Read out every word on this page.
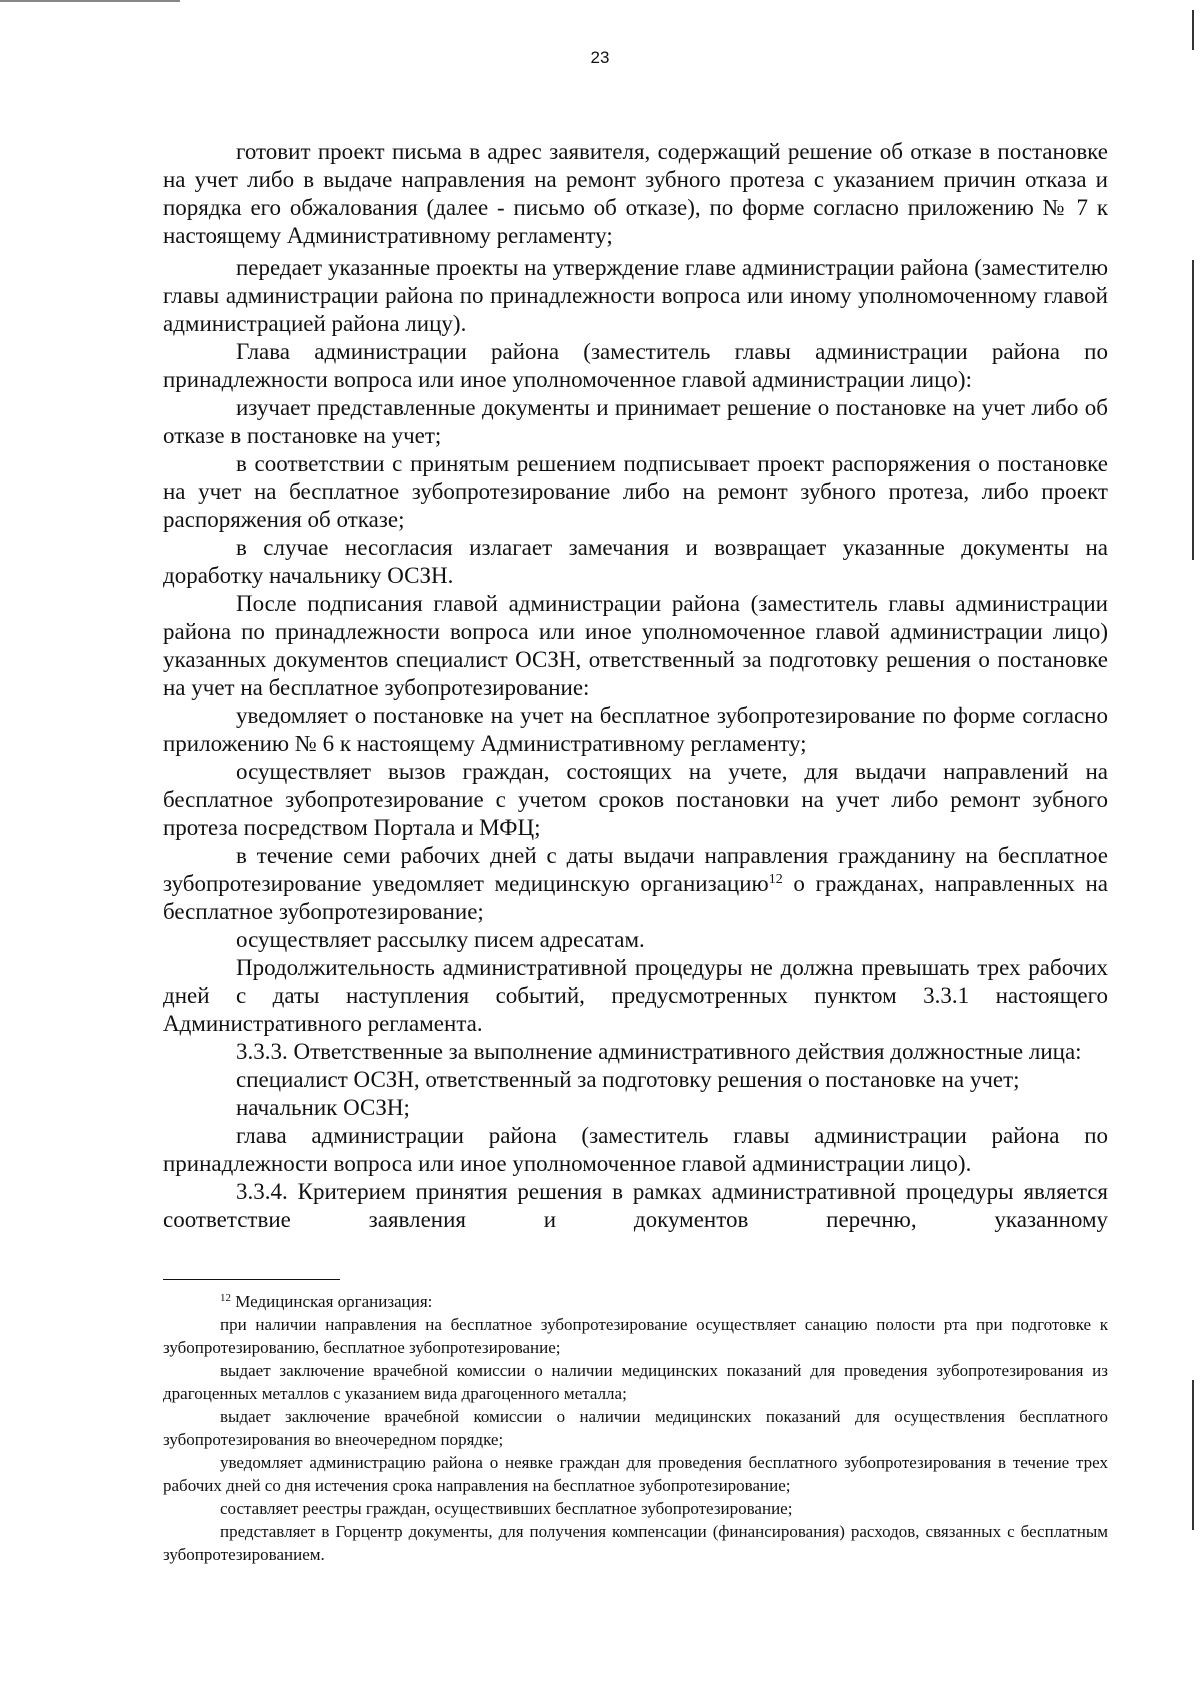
23

готовит проект письма в адрес заявителя, содержащий решение об отказе в постановке на учет либо в выдаче направления на ремонт зубного протеза с указанием причин отказа и порядка его обжалования (далее - письмо об отказе), по форме согласно приложению № 7 к настоящему Административному регламенту;

передает указанные проекты на утверждение главе администрации района (заместителю главы администрации района по принадлежности вопроса или иному уполномоченному главой администрацией района лицу).

Глава администрации района (заместитель главы администрации района по принадлежности вопроса или иное уполномоченное главой администрации лицо):

изучает представленные документы и принимает решение о постановке на учет либо об отказе в постановке на учет;

в соответствии с принятым решением подписывает проект распоряжения о постановке на учет на бесплатное зубопротезирование либо на ремонт зубного протеза, либо проект распоряжения об отказе;

в случае несогласия излагает замечания и возвращает указанные документы на доработку начальнику ОСЗН.

После подписания главой администрации района (заместитель главы администрации района по принадлежности вопроса или иное уполномоченное главой администрации лицо) указанных документов специалист ОСЗН, ответственный за подготовку решения о постановке на учет на бесплатное зубопротезирование:

уведомляет о постановке на учет на бесплатное зубопротезирование по форме согласно приложению № 6 к настоящему Административному регламенту;

осуществляет вызов граждан, состоящих на учете, для выдачи направлений на бесплатное зубопротезирование с учетом сроков постановки на учет либо ремонт зубного протеза посредством Портала и МФЦ;

в течение семи рабочих дней с даты выдачи направления гражданину на бесплатное зубопротезирование уведомляет медицинскую организацию$^{12}$ о гражданах, направленных на бесплатное зубопротезирование;

осуществляет рассылку писем адресатам.

Продолжительность административной процедуры не должна превышать трех рабочих дней с даты наступления событий, предусмотренных пунктом 3.3.1 настоящего Административного регламента.

3.3.3. Ответственные за выполнение административного действия должностные лица:

специалист ОСЗН, ответственный за подготовку решения о постановке на учет;

начальник ОСЗН;

глава администрации района (заместитель главы администрации района по принадлежности вопроса или иное уполномоченное главой администрации лицо).

3.3.4. Критерием принятия решения в рамках административной процедуры является соответствие заявления и документов перечню, указанному

$^{12}$ Медицинская организация:

при наличии направления на бесплатное зубопротезирование осуществляет санацию полости рта при подготовке к зубопротезированию, бесплатное зубопротезирование;

выдает заключение врачебной комиссии о наличии медицинских показаний для проведения зубопротезирования из драгоценных металлов с указанием вида драгоценного металла;

выдает заключение врачебной комиссии о наличии медицинских показаний для осуществления бесплатного зубопротезирования во внеочередном порядке;

уведомляет администрацию района о неявке граждан для проведения бесплатного зубопротезирования в течение трех рабочих дней со дня истечения срока направления на бесплатное зубопротезирование;

составляет реестры граждан, осуществивших бесплатное зубопротезирование;

представляет в Горцентр документы, для получения компенсации (финансирования) расходов, связанных с бесплатным зубопротезированием.
